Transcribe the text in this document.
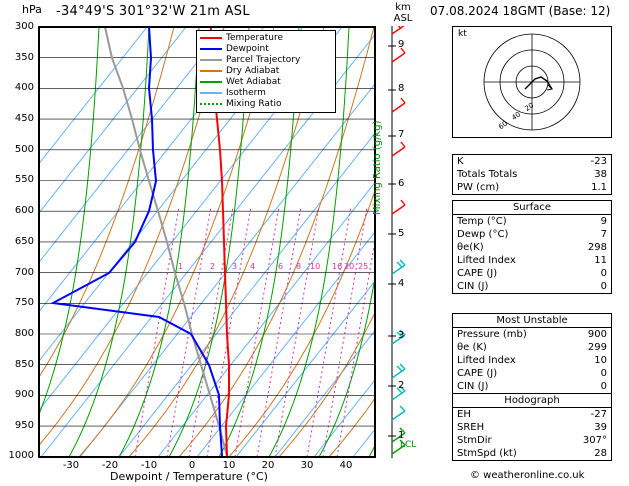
hPa -34°49'S 301°32'W 21m ASL	km
ASL
07.08.2024 18GMT (Base: 12)
1	2 3 4	6 8 10 16 20 25
Temperature
Dewpoint
Parcel Trajectory
Dry Adiabat
Wet Adiabat
Isotherm
Mixing Ratio
300
350
400
450
500
550
600
650
700
750
800
850
900
950
1000
-30	-20	-10	0	10	20	30	40
Dewpoint / Temperature (°C)
Mixing Ratio (g/kg)
9
8
7
6
5
4
3
2
1
LCL
20
40
60
kt
K	-23
Totals Totals	38
PW (cm)	1.1
Surface
Temp (°C)	9
Dewp (°C)	7
θe(K)	298
Lifted Index	11
CAPE (J)	0
CIN (J)	0
Most Unstable
Pressure (mb)	900
θe (K)	299
Lifted Index	10
CAPE (J)	0
CIN (J)	0
Hodograph
EH	-27
SREH	39
StmDir	307°
StmSpd (kt)	28
© weatheronline.co.uk
